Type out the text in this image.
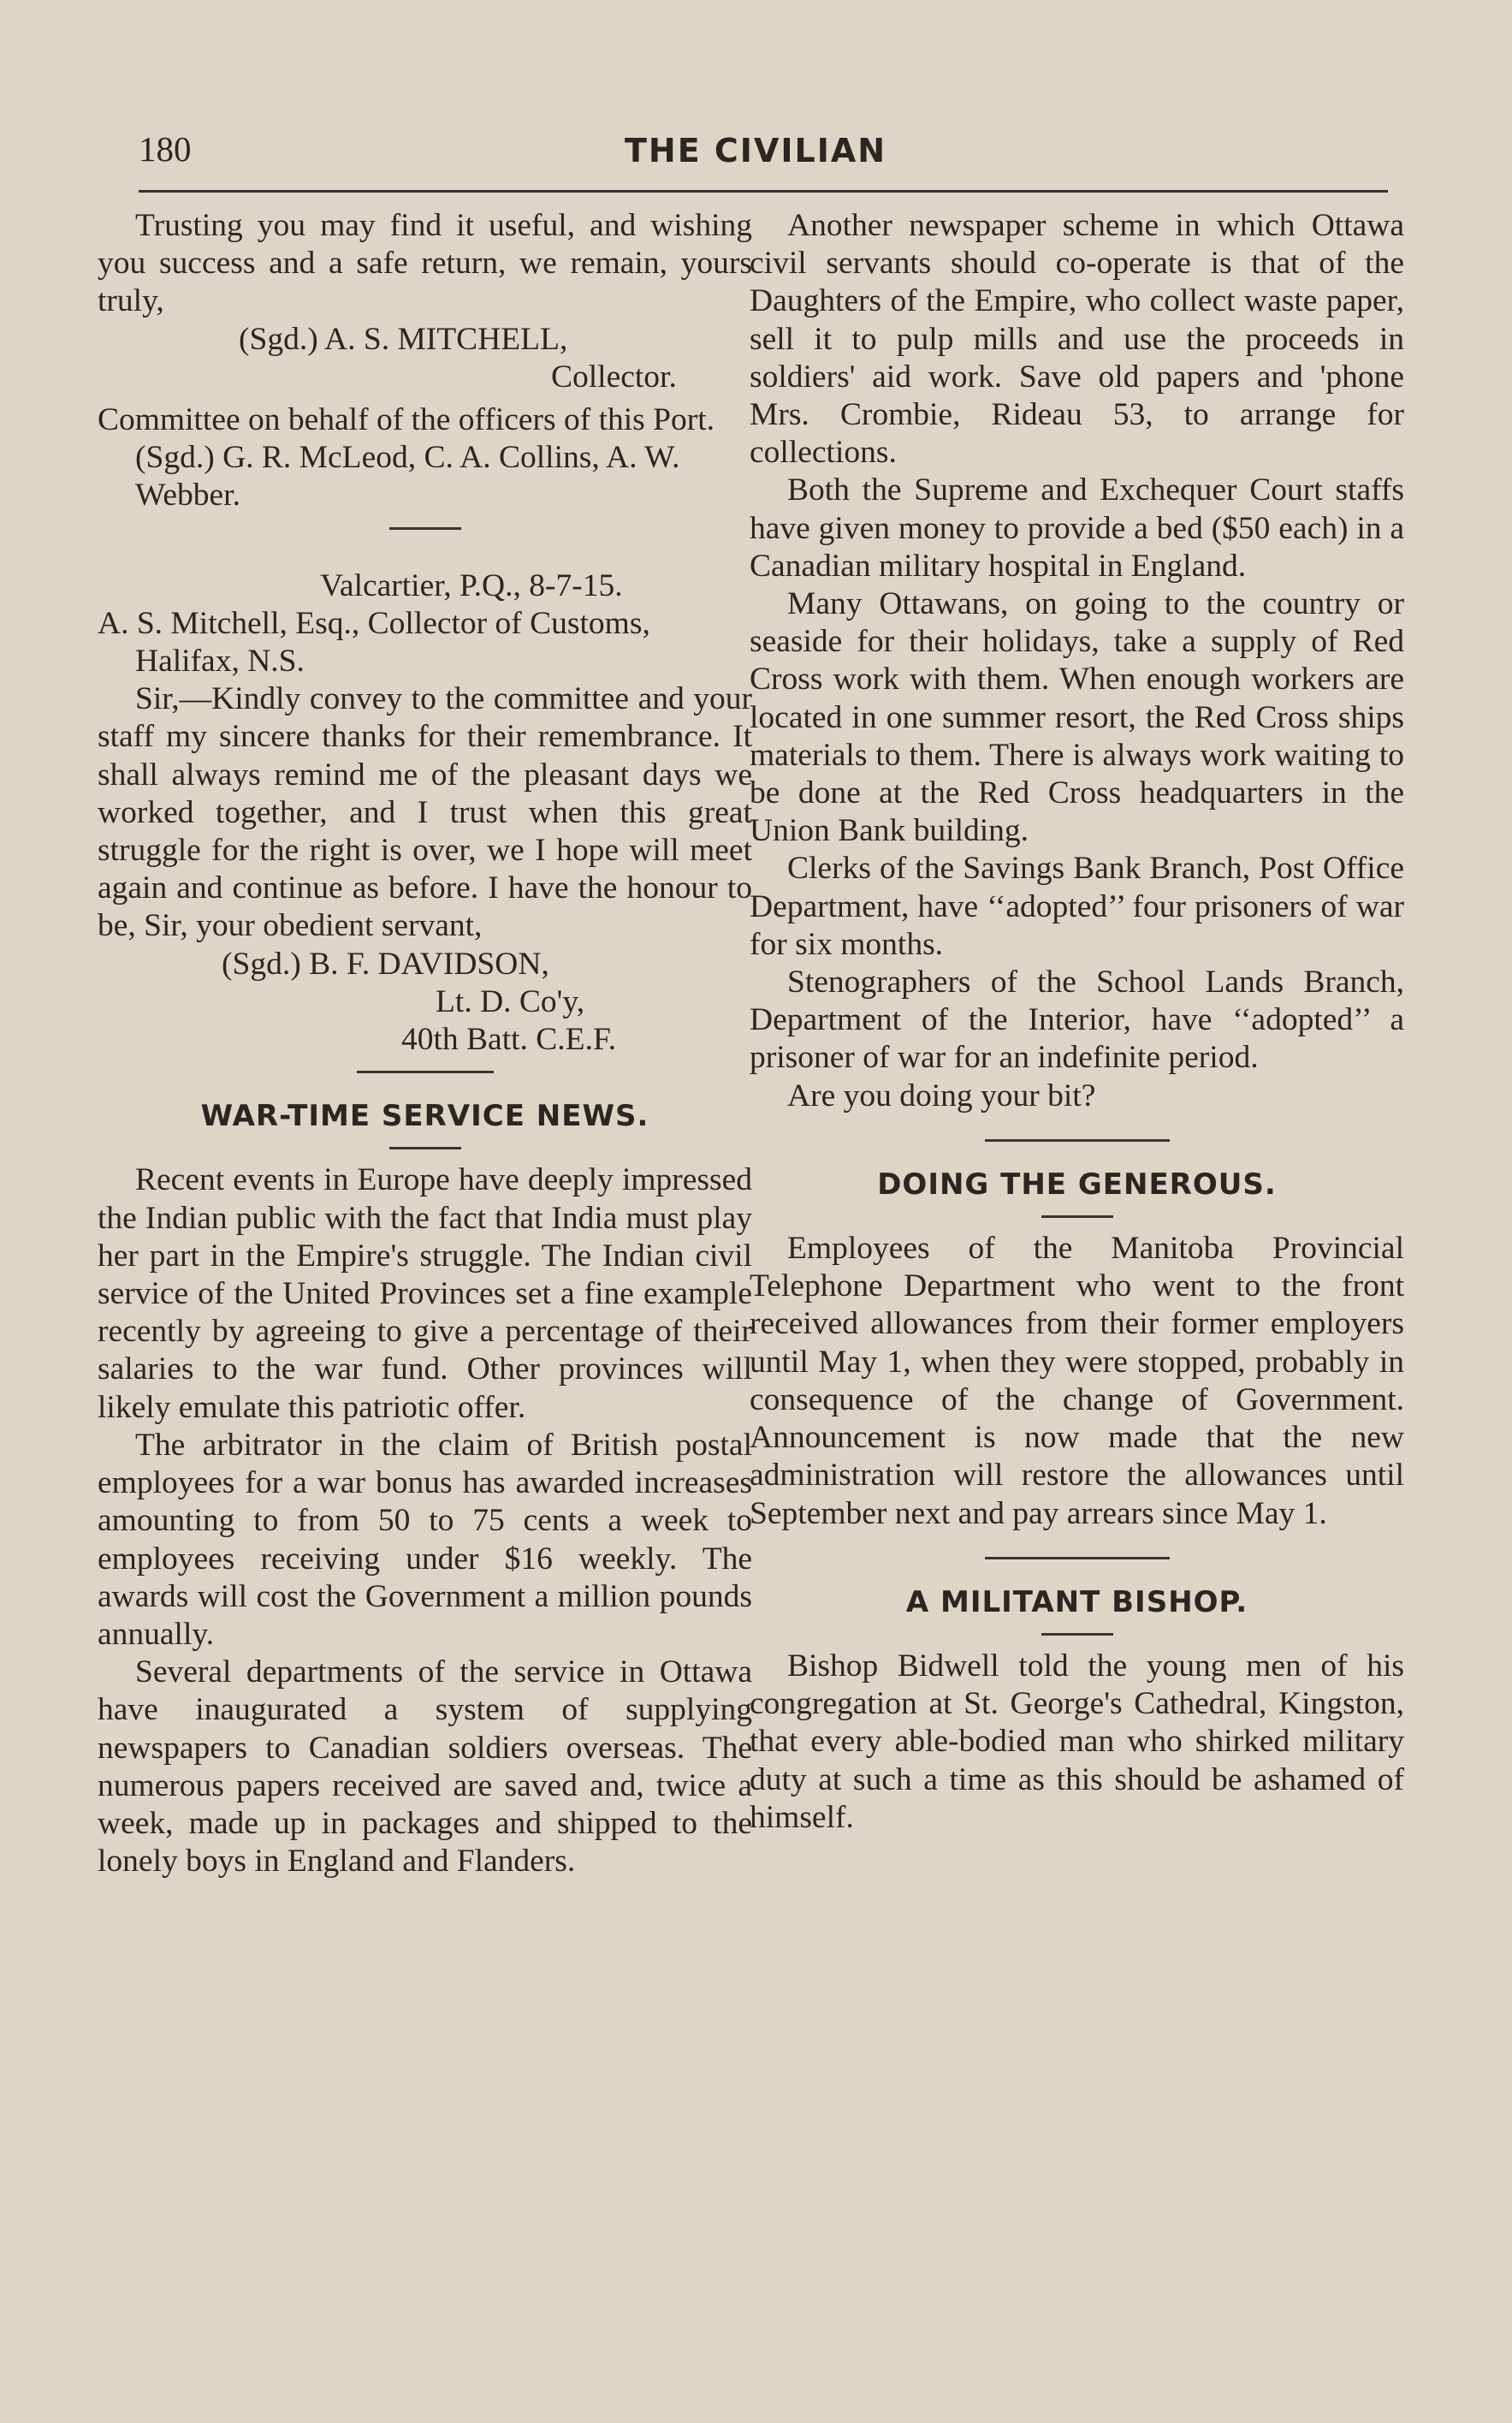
180	THE CIVILIAN

Trusting you may find it useful, and wishing you success and a safe return, we remain, yours truly,

(Sgd.) A. S. MITCHELL,

Collector.

Committee on behalf of the officers of this Port. (Sgd.) G. R. McLeod, C. A. Collins, A. W. Webber.

Valcartier, P.Q., 8-7-15.

A. S. Mitchell, Esq., Collector of Customs, Halifax, N.S.

Sir,—Kindly convey to the committee and your staff my sincere thanks for their remembrance. It shall always remind me of the pleasant days we worked together, and I trust when this great struggle for the right is over, we I hope will meet again and continue as before. I have the honour to be, Sir, your obedient servant,

(Sgd.) B. F. DAVIDSON,

Lt. D. Co'y,

40th Batt. C.E.F.

WAR-TIME SERVICE NEWS.

Recent events in Europe have deeply impressed the Indian public with the fact that India must play her part in the Empire's struggle. The Indian civil service of the United Provinces set a fine example recently by agreeing to give a percentage of their salaries to the war fund. Other provinces will likely emulate this patriotic offer.

The arbitrator in the claim of British postal employees for a war bonus has awarded increases amounting to from 50 to 75 cents a week to employees receiving under $16 weekly. The awards will cost the Government a million pounds annually.

Several departments of the service in Ottawa have inaugurated a system of supplying newspapers to Canadian soldiers overseas. The numerous papers received are saved and, twice a week, made up in packages and shipped to the lonely boys in England and Flanders.

Another newspaper scheme in which Ottawa civil servants should co-operate is that of the Daughters of the Empire, who collect waste paper, sell it to pulp mills and use the proceeds in soldiers' aid work. Save old papers and 'phone Mrs. Crombie, Rideau 53, to arrange for collections.

Both the Supreme and Exchequer Court staffs have given money to provide a bed ($50 each) in a Canadian military hospital in England.

Many Ottawans, on going to the country or seaside for their holidays, take a supply of Red Cross work with them. When enough workers are located in one summer resort, the Red Cross ships materials to them. There is always work waiting to be done at the Red Cross headquarters in the Union Bank building.

Clerks of the Savings Bank Branch, Post Office Department, have ‘‘adopted’’ four prisoners of war for six months.

Stenographers of the School Lands Branch, Department of the Interior, have ‘‘adopted’’ a prisoner of war for an indefinite period.

Are you doing your bit?

DOING THE GENEROUS.

Employees of the Manitoba Provincial Telephone Department who went to the front received allowances from their former employers until May 1, when they were stopped, probably in consequence of the change of Government. Announcement is now made that the new administration will restore the allowances until September next and pay arrears since May 1.

A MILITANT BISHOP.

Bishop Bidwell told the young men of his congregation at St. George's Cathedral, Kingston, that every able-bodied man who shirked military duty at such a time as this should be ashamed of himself.
